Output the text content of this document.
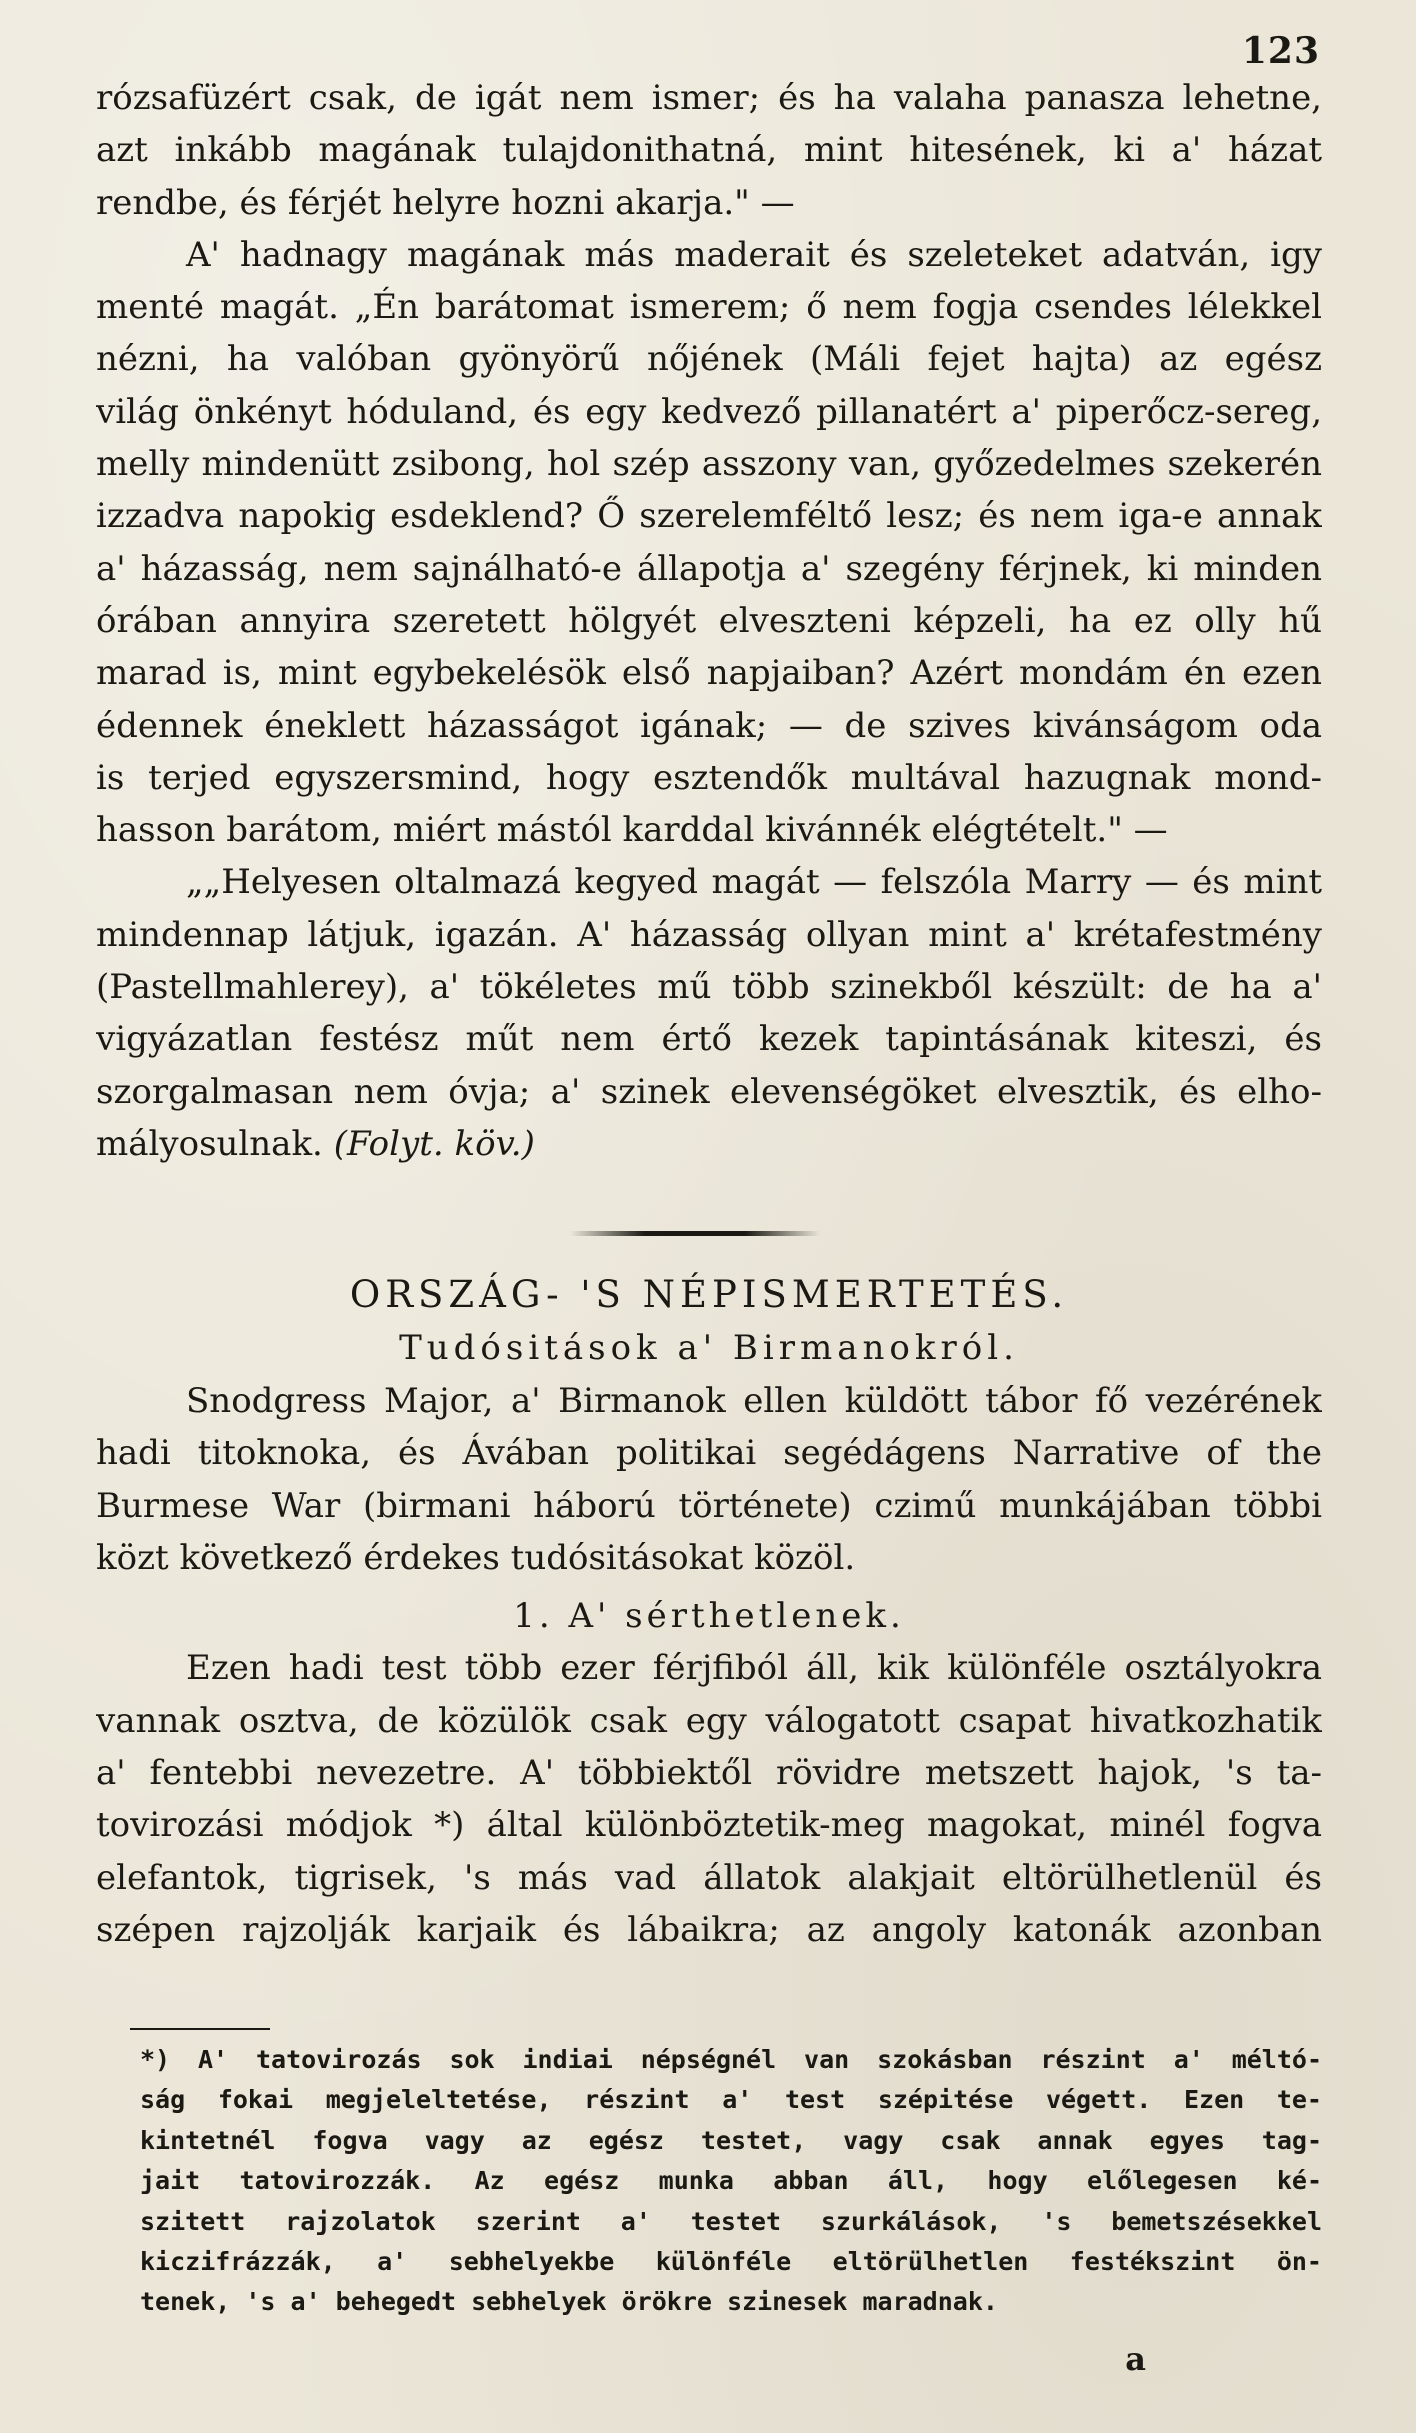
123
rózsafüzért csak, de igát nem ismer; és ha valaha panasza lehetne,
azt inkább magának tulajdonithatná, mint hitesének, ki a' házat
rendbe, és férjét helyre hozni akarja." —
A' hadnagy magának más maderait és szeleteket adatván, igy
menté magát. „Én barátomat ismerem; ő nem fogja csendes lélekkel
nézni, ha valóban gyönyörű nőjének (Máli fejet hajta) az egész
világ önkényt hóduland, és egy kedvező pillanatért a' piperőcz-sereg,
melly mindenütt zsibong, hol szép asszony van, győzedelmes szekerén
izzadva napokig esdeklend? Ő szerelemféltő lesz; és nem iga-e annak
a' házasság, nem sajnálható-e állapotja a' szegény férjnek, ki minden
órában annyira szeretett hölgyét elveszteni képzeli, ha ez olly hű
marad is, mint egybekelésök első napjaiban? Azért mondám én ezen
édennek éneklett házasságot igának; — de szives kivánságom oda
is terjed egyszersmind, hogy esztendők multával hazugnak mond-
hasson barátom, miért mástól karddal kivánnék elégtételt." —
„„Helyesen oltalmazá kegyed magát — felszóla Marry — és mint
mindennap látjuk, igazán. A' házasság ollyan mint a' krétafestmény
(Pastellmahlerey), a' tökéletes mű több szinekből készült: de ha a'
vigyázatlan festész műt nem értő kezek tapintásának kiteszi, és
szorgalmasan nem óvja; a' szinek elevenségöket elvesztik, és elho-
mályosulnak. (Folyt. köv.)
ORSZÁG- 'S NÉPISMERTETÉS.
Tudósitások a' Birmanokról.
Snodgress Major, a' Birmanok ellen küldött tábor fő vezérének
hadi titoknoka, és Ávában politikai segédágens Narrative of the
Burmese War (birmani háború története) czimű munkájában többi
közt következő érdekes tudósitásokat közöl.
1. A' sérthetlenek.
Ezen hadi test több ezer férjfiból áll, kik különféle osztályokra
vannak osztva, de közülök csak egy válogatott csapat hivatkozhatik
a' fentebbi nevezetre. A' többiektől rövidre metszett hajok, 's ta-
tovirozási módjok *) által különböztetik-meg magokat, minél fogva
elefantok, tigrisek, 's más vad állatok alakjait eltörülhetlenül és
szépen rajzolják karjaik és lábaikra; az angoly katonák azonban
*) A' tatovirozás sok indiai népségnél van szokásban részint a' méltó-
ság fokai megjeleltetése, részint a' test szépitése végett. Ezen te-
kintetnél fogva vagy az egész testet, vagy csak annak egyes tag-
jait tatovirozzák. Az egész munka abban áll, hogy előlegesen ké-
szitett rajzolatok szerint a' testet szurkálások, 's bemetszésekkel
kiczifrázzák, a' sebhelyekbe különféle eltörülhetlen festékszint ön-
tenek, 's a' behegedt sebhelyek örökre szinesek maradnak.
a
